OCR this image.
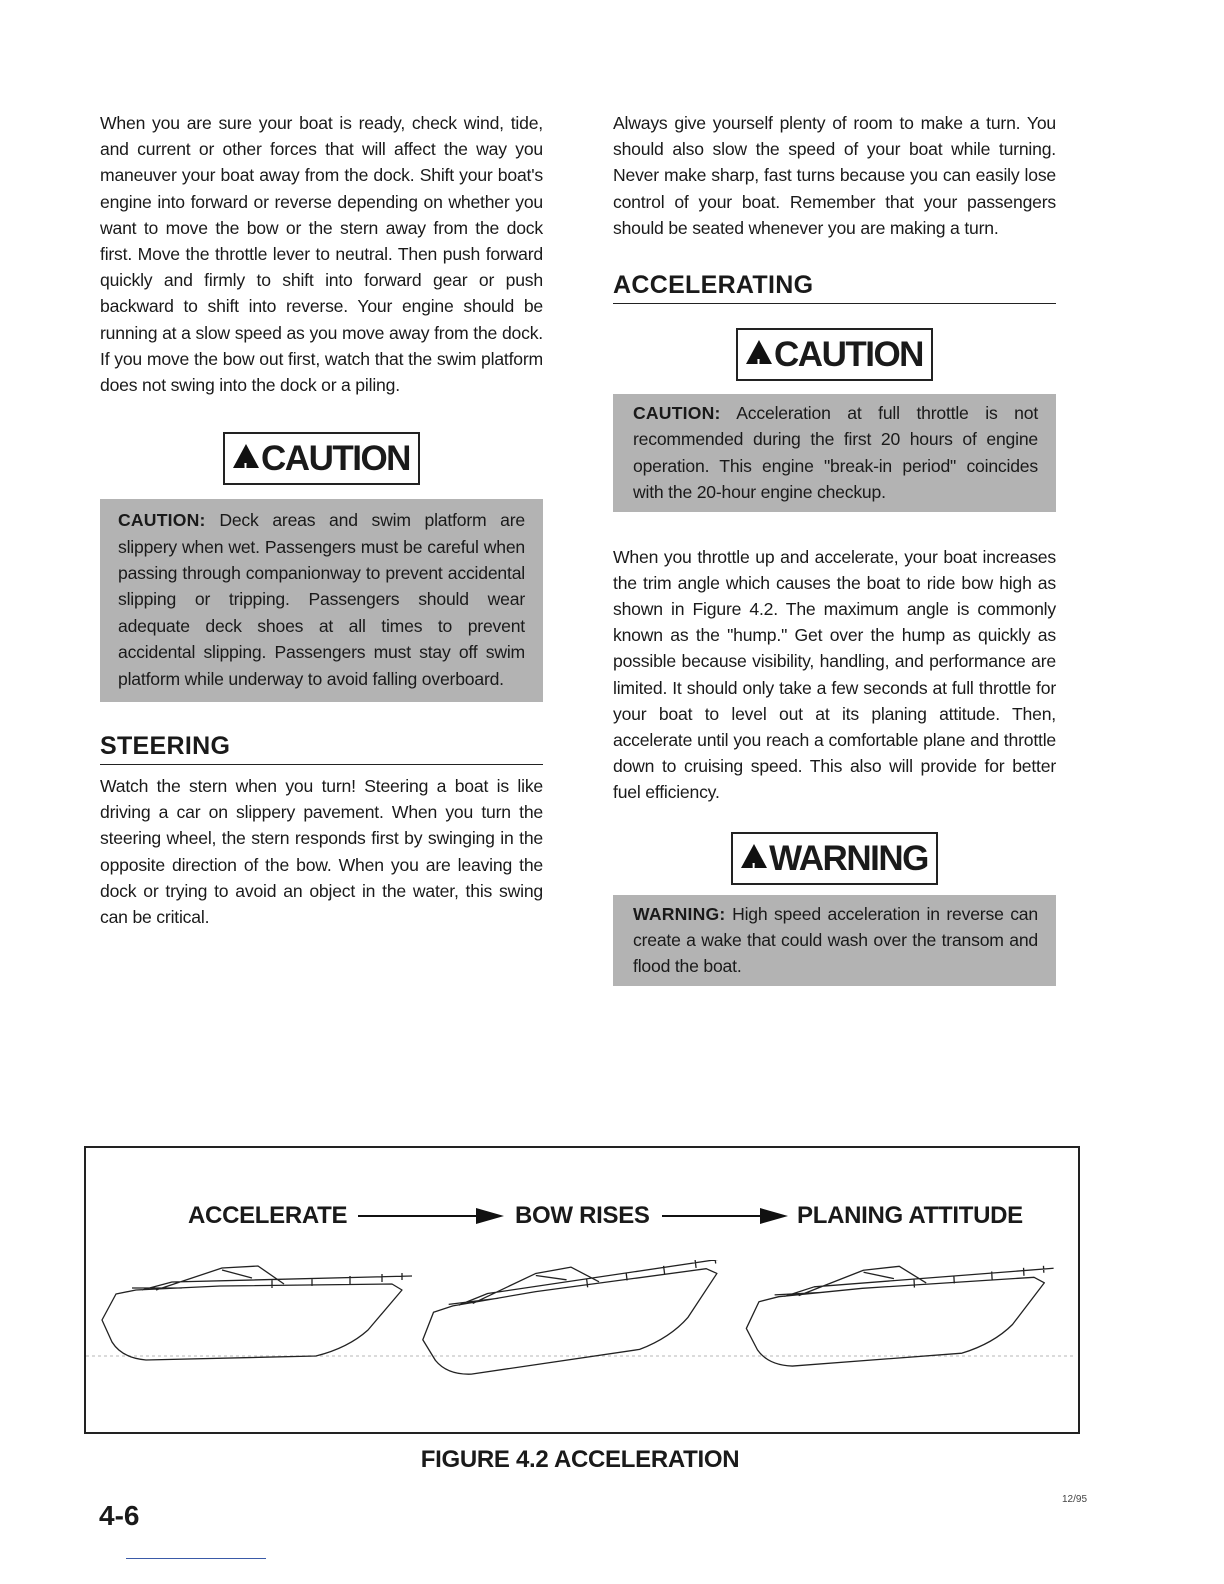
When you are sure your boat is ready, check wind, tide, and current or other forces that will affect the way you maneuver your boat away from the dock. Shift your boat's engine into forward or reverse depending on whether you want to move the bow or the stern away from the dock first. Move the throttle lever to neutral. Then push forward quickly and firmly to shift into forward gear or push backward to shift into reverse. Your engine should be running at a slow speed as you move away from the dock. If you move the bow out first, watch that the swim platform does not swing into the dock or a piling.

!CAUTION
CAUTION: Deck areas and swim platform are slippery when wet. Passengers must be careful when passing through companionway to prevent accidental slipping or tripping. Passengers should wear adequate deck shoes at all times to prevent accidental slipping. Passengers must stay off swim platform while underway to avoid falling overboard.
STEERING

Watch the stern when you turn! Steering a boat is like driving a car on slippery pavement. When you turn the steering wheel, the stern responds first by swinging in the opposite direction of the bow. When you are leaving the dock or trying to avoid an object in the water, this swing can be critical.

Always give yourself plenty of room to make a turn. You should also slow the speed of your boat while turning. Never make sharp, fast turns because you can easily lose control of your boat. Remember that your passengers should be seated whenever you are making a turn.

ACCELERATING
!CAUTION
CAUTION: Acceleration at full throttle is not recommended during the first 20 hours of engine operation. This engine "break-in period" coincides with the 20-hour engine checkup.

When you throttle up and accelerate, your boat increases the trim angle which causes the boat to ride bow high as shown in Figure 4.2. The maximum angle is commonly known as the "hump." Get over the hump as quickly as possible because visibility, handling, and performance are limited. It should only take a few seconds at full throttle for your boat to level out at its planing attitude. Then, accelerate until you reach a comfortable plane and throttle down to cruising speed. This also will provide for better fuel efficiency.

!WARNING
WARNING: High speed acceleration in reverse can create a wake that could wash over the transom and flood the boat.
ACCELERATE	BOW RISES	PLANING ATTITUDE
FIGURE 4.2 ACCELERATION
4-6
12/95
